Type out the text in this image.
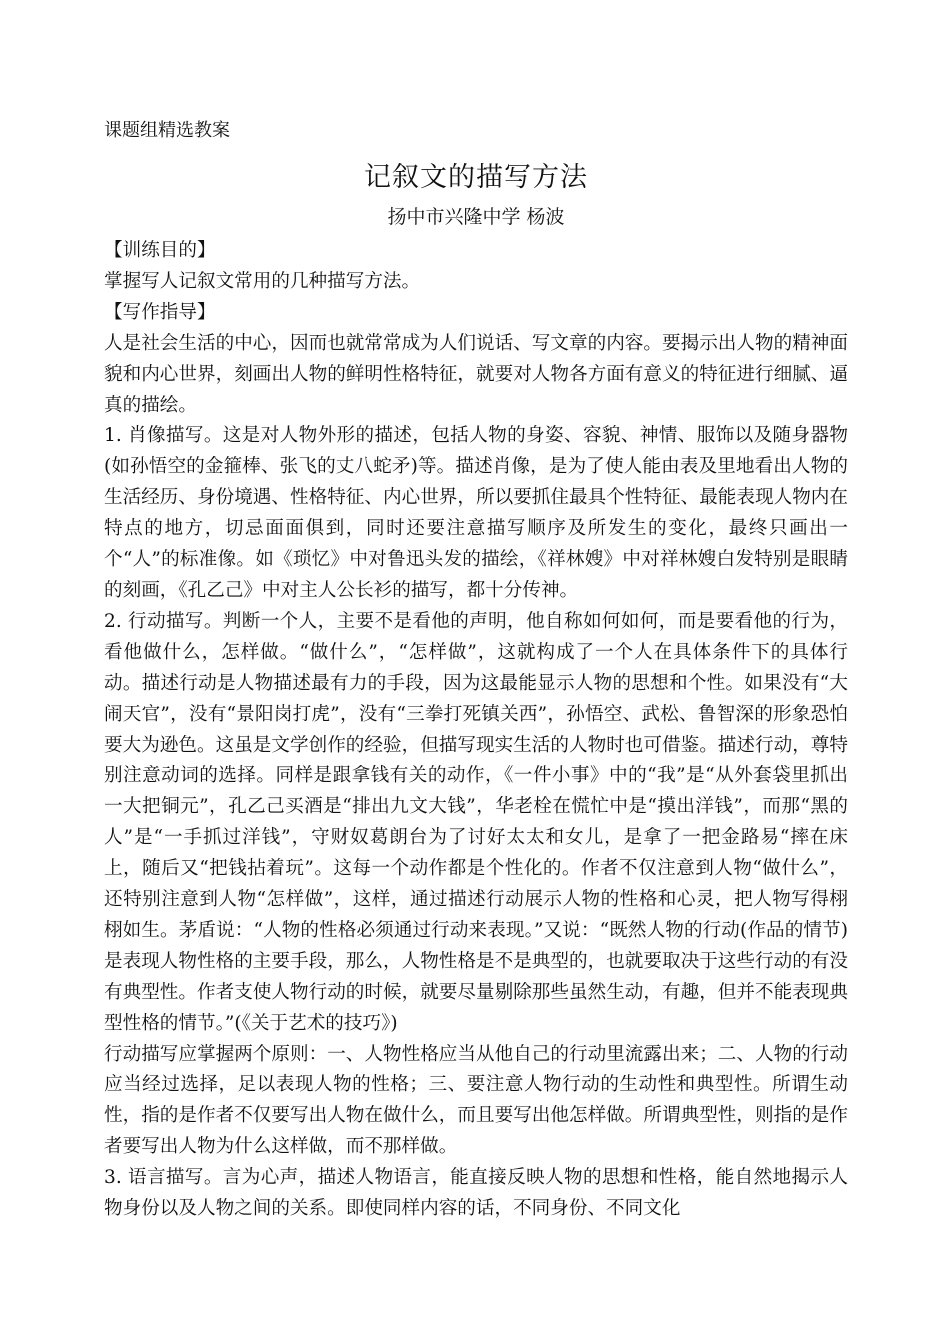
课题组精选教案
记叙文的描写方法
扬中市兴隆中学 杨波

【训练目的】

掌握写人记叙文常用的几种描写方法。

【写作指导】

人是社会生活的中心，因而也就常常成为人们说话、写文章的内容。要揭示出人物的精神面貌和内心世界，刻画出人物的鲜明性格特征，就要对人物各方面有意义的特征进行细腻、逼真的描绘。

1. 肖像描写。这是对人物外形的描述，包括人物的身姿、容貌、神情、服饰以及随身器物(如孙悟空的金箍棒、张飞的丈八蛇矛)等。描述肖像，是为了使人能由表及里地看出人物的生活经历、身份境遇、性格特征、内心世界，所以要抓住最具个性特征、最能表现人物内在特点的地方，切忌面面俱到，同时还要注意描写顺序及所发生的变化，最终只画出一个“人”的标准像。如《琐忆》中对鲁迅头发的描绘，《祥林嫂》中对祥林嫂白发特别是眼睛的刻画，《孔乙己》中对主人公长衫的描写，都十分传神。

2. 行动描写。判断一个人，主要不是看他的声明，他自称如何如何，而是要看他的行为，看他做什么，怎样做。“做什么”，“怎样做”，这就构成了一个人在具体条件下的具体行动。描述行动是人物描述最有力的手段，因为这最能显示人物的思想和个性。如果没有“大闹天官”，没有“景阳岗打虎”，没有“三拳打死镇关西”，孙悟空、武松、鲁智深的形象恐怕要大为逊色。这虽是文学创作的经验，但描写现实生活的人物时也可借鉴。描述行动，尊特别注意动词的选择。同样是跟拿钱有关的动作，《一件小事》中的“我”是“从外套袋里抓出一大把铜元”，孔乙己买酒是“排出九文大钱”，华老栓在慌忙中是“摸出洋钱”，而那“黑的人”是“一手抓过洋钱”，守财奴葛朗台为了讨好太太和女儿，是拿了一把金路易“摔在床上，随后又“把钱拈着玩”。这每一个动作都是个性化的。作者不仅注意到人物“做什么”，还特别注意到人物“怎样做”，这样，通过描述行动展示人物的性格和心灵，把人物写得栩栩如生。茅盾说：“人物的性格必须通过行动来表现。”又说：“既然人物的行动(作品的情节)是表现人物性格的主要手段，那么，人物性格是不是典型的，也就要取决于这些行动的有没有典型性。作者支使人物行动的时候，就要尽量剔除那些虽然生动，有趣，但并不能表现典型性格的情节。”(《关于艺术的技巧》)

行动描写应掌握两个原则：一、人物性格应当从他自己的行动里流露出来；二、人物的行动应当经过选择，足以表现人物的性格；三、要注意人物行动的生动性和典型性。所谓生动性，指的是作者不仅要写出人物在做什么，而且要写出他怎样做。所谓典型性，则指的是作者要写出人物为什么这样做，而不那样做。

3. 语言描写。言为心声，描述人物语言，能直接反映人物的思想和性格，能自然地揭示人物身份以及人物之间的关系。即使同样内容的话，不同身份、不同文化
